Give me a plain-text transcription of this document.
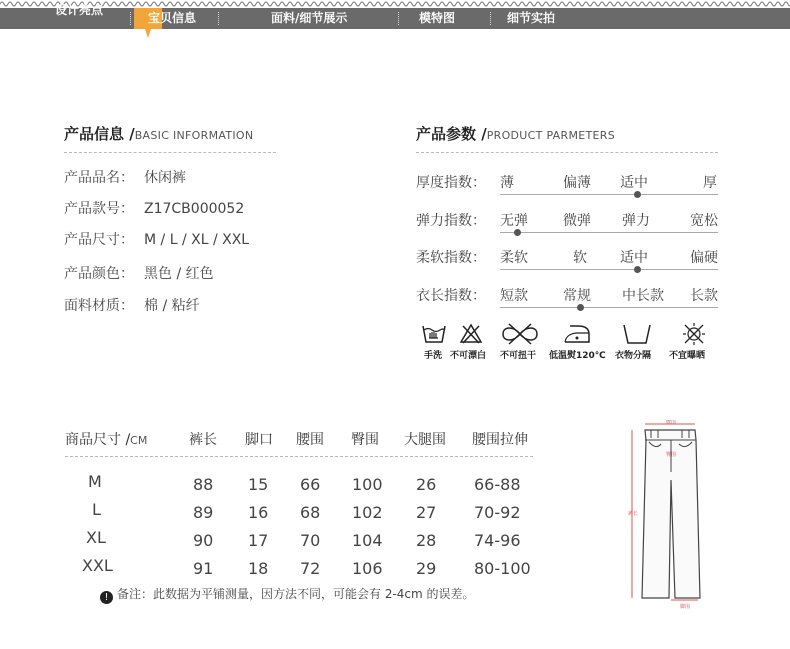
设计亮点
宝贝信息	面料/细节展示	模特图	细节实拍
产品信息 /BASIC INFORMATION
产品品名： 休闲裤
产品款号： Z17CB000052
产品尺寸： M / L / XL / XXL
产品颜色： 黑色 / 红色
面料材质： 棉 / 粘纤
产品参数 /PRODUCT PARMETERS
厚度指数： 薄	偏薄 适中	厚
弹力指数： 无弹	微弹 弹力	宽松
柔软指数： 柔软	软 适中	偏硬
衣长指数： 短款	常规 中长款 长款
手洗 不可漂白 不可扭干 低温熨120℃ 衣物分隔 不宜曝晒
商品尺寸 /CM	裤长 脚口 腰围 臀围 大腿围 腰围拉伸
M	88 15 66 100 26 66-88
L	89 16 68 102 27 70-92
XL	90 17 70 104 28 74-96
XXL	91 18 72 106 29 80-100
! 备注：此数据为平铺测量，因方法不同，可能会有 2-4cm 的误差。
腰围
臀围
裤长
脚围
